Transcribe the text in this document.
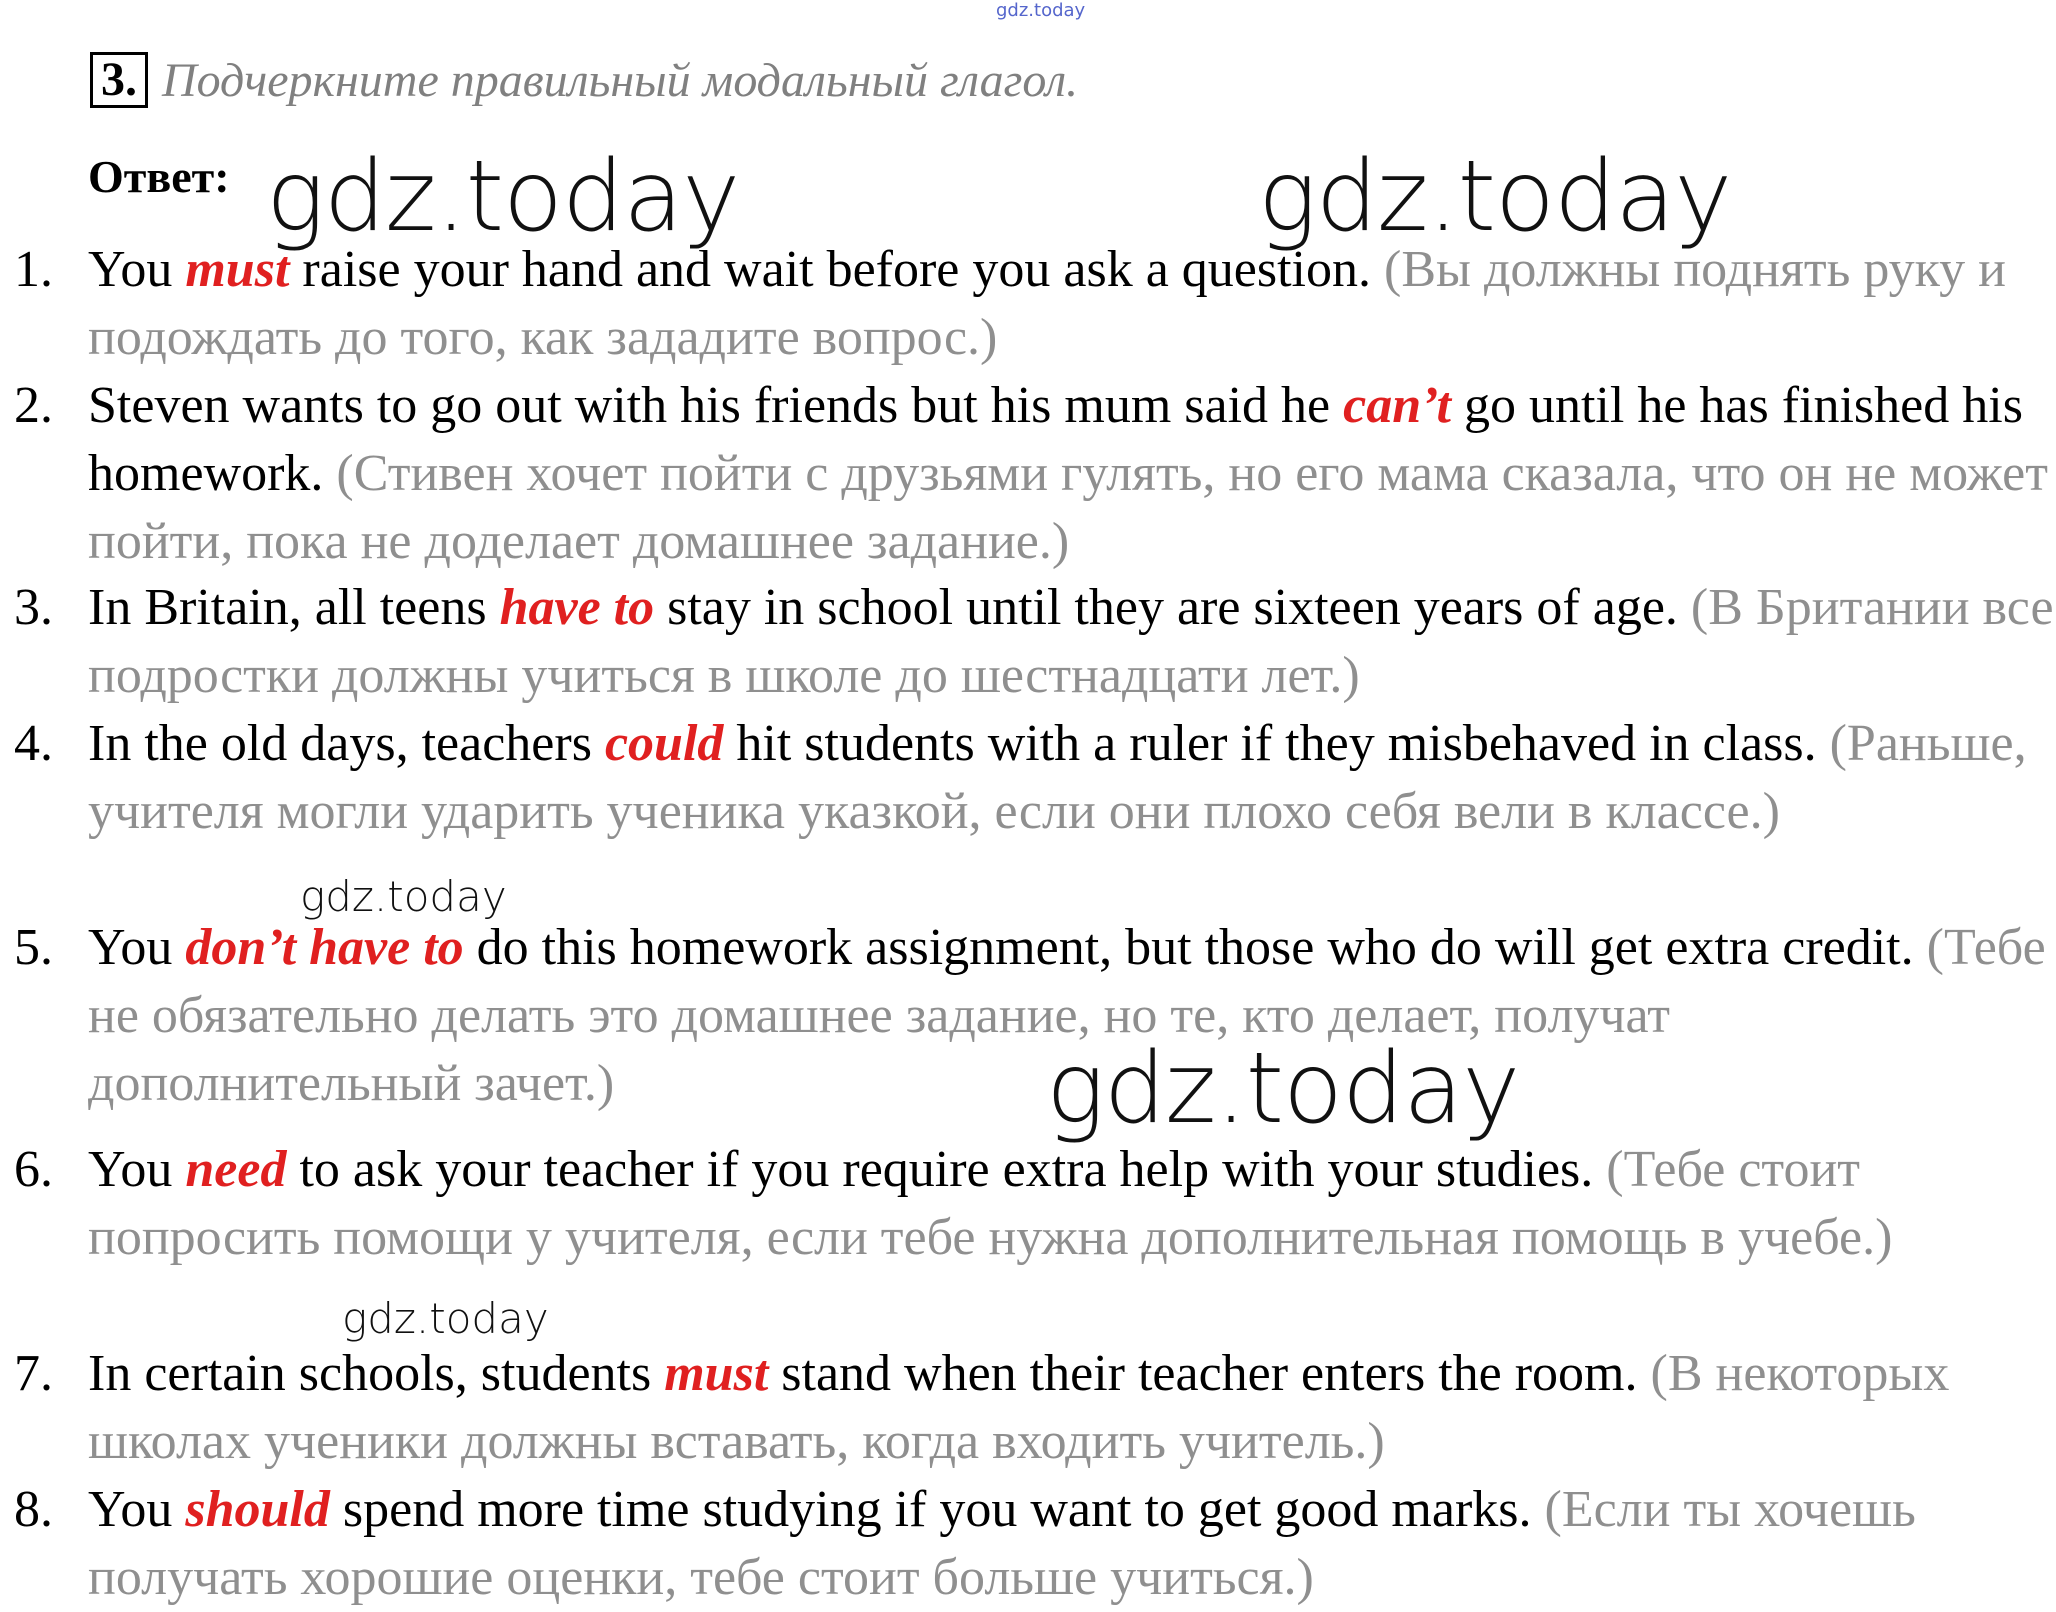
gdz.today
3. Подчеркните правильный модальный глагол.
Ответ:
1. You must raise your hand and wait before you ask a question. (Вы должны поднять руку и подождать до того, как зададите вопрос.)
2. Steven wants to go out with his friends but his mum said he can’t go until he has finished his homework. (Стивен хочет пойти с друзьями гулять, но его мама сказала, что он не может пойти, пока не доделает домашнее задание.)
3. In Britain, all teens have to stay in school until they are sixteen years of age. (В Британии все подростки должны учиться в школе до шестнадцати лет.)
4. In the old days, teachers could hit students with a ruler if they misbehaved in class. (Раньше, учителя могли ударить ученика указкой, если они плохо себя вели в классе.)
5. You don’t have to do this homework assignment, but those who do will get extra credit. (Тебе не обязательно делать это домашнее задание, но те, кто делает, получат дополнительный зачет.)
6. You need to ask your teacher if you require extra help with your studies. (Тебе стоит попросить помощи у учителя, если тебе нужна дополнительная помощь в учебе.)
7. In certain schools, students must stand when their teacher enters the room. (В некоторых школах ученики должны вставать, когда входить учитель.)
8. You should spend more time studying if you want to get good marks. (Если ты хочешь получать хорошие оценки, тебе стоит больше учиться.)
gdz.today	gdz.today
gdz.today
gdz.today
gdz.today
